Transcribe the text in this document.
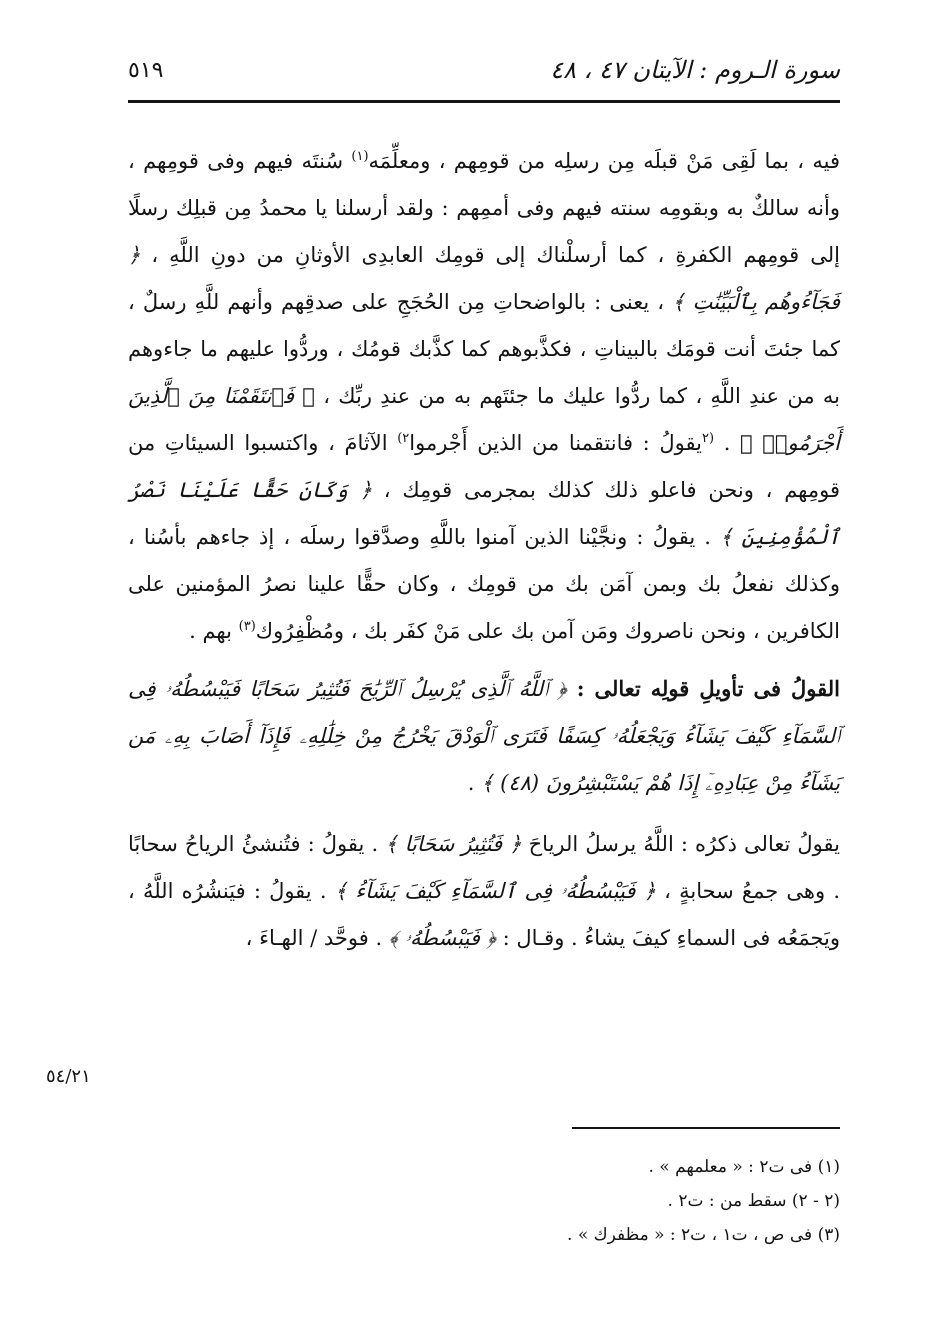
٥١٩	سورة الـروم : الآيتان ٤٧ ، ٤٨

فيه ، بما لَقِى مَنْ قبلَه مِن رسلِه من قومِهم ، ومعلِّمَه$^{(١)}$ سُنتَه فيهم وفى قومِهم ، وأنه سالكٌ به وبقومِه سنته فيهم وفى أممِهم : ولقد أرسلنا يا محمدُ مِن قبلِك رسلًا إلى قومِهم الكفرةِ ، كما أرسلْناك إلى قومِك العابدِى الأوثانِ من دونِ اللَّهِ ، ﴿ فَجَآءُوهُم بِٱلْبَيِّنَٰتِ ﴾ ، يعنى : بالواضحاتِ مِن الحُجَجِ على صدقِهم وأنهم للَّهِ رسلٌ ، كما جئتَ أنت قومَك بالبيناتِ ، فكذَّبوهم كما كذَّبك قومُك ، وردُّوا عليهم ما جاءوهم به من عندِ اللَّهِ ، كما ردُّوا عليك ما جئتَهم به من عندِ ربِّك ، ﴿ فَٱنتَقَمْنَا مِنَ ٱلَّذِينَ أَجْرَمُوا۟ ﴾ . $^{(٢}$يقولُ : فانتقمنا من الذين أَجْرموا$^{٢)}$ الآثامَ ، واكتسبوا السيئاتِ من قومِهم ، ونحن فاعلو ذلك كذلك بمجرمى قومِك ، ﴿ وَكَانَ حَقًّا عَلَيْنَا نَصْرُ ٱلْمُؤْمِنِينَ ﴾ . يقولُ : ونجَّيْنا الذين آمنوا باللَّهِ وصدَّقوا رسلَه ، إذ جاءهم بأسُنا ، وكذلك نفعلُ بك وبمن آمَن بك من قومِك ، وكان حقًّا علينا نصرُ المؤمنين على الكافرين ، ونحن ناصروك ومَن آمن بك على مَنْ كفَر بك ، ومُظْفِرُوك$^{(٣)}$ بهم .

القولُ فى تأويلِ قولِه تعالى : ﴿ ٱللَّهُ ٱلَّذِى يُرْسِلُ ٱلرِّيَٰحَ فَتُثِيرُ سَحَابًا فَيَبْسُطُهُۥ فِى ٱلسَّمَآءِ كَيْفَ يَشَآءُ وَيَجْعَلُهُۥ كِسَفًا فَتَرَى ٱلْوَدْقَ يَخْرُجُ مِنْ خِلَٰلِهِۦ فَإِذَآ أَصَابَ بِهِۦ مَن يَشَآءُ مِنْ عِبَادِهِۦٓ إِذَا هُمْ يَسْتَبْشِرُونَ (٤٨) ﴾ .

يقولُ تعالى ذكرُه : اللَّهُ يرسلُ الرياحَ ﴿ فَتُثِيرُ سَحَابًا ﴾ . يقولُ : فتُنشئُ الرياحُ سحابًا . وهى جمعُ سحابةٍ ، ﴿ فَيَبْسُطُهُۥ فِى ٱلسَّمَآءِ كَيْفَ يَشَآءُ ﴾ . يقولُ : فيَنشُرُه اللَّهُ ، ويَجمَعُه فى السماءِ كيفَ يشاءُ . وقـال : ﴿ فَيَبْسُطُهُۥ ﴾ . فوحَّد / الهـاءَ ،

٥٤/٢١
(١) فى ت٢ : « معلمهم » .
(٢ - ٢) سقط من : ت٢ .
(٣) فى ص ، ت١ ، ت٢ : « مظفرك » .
